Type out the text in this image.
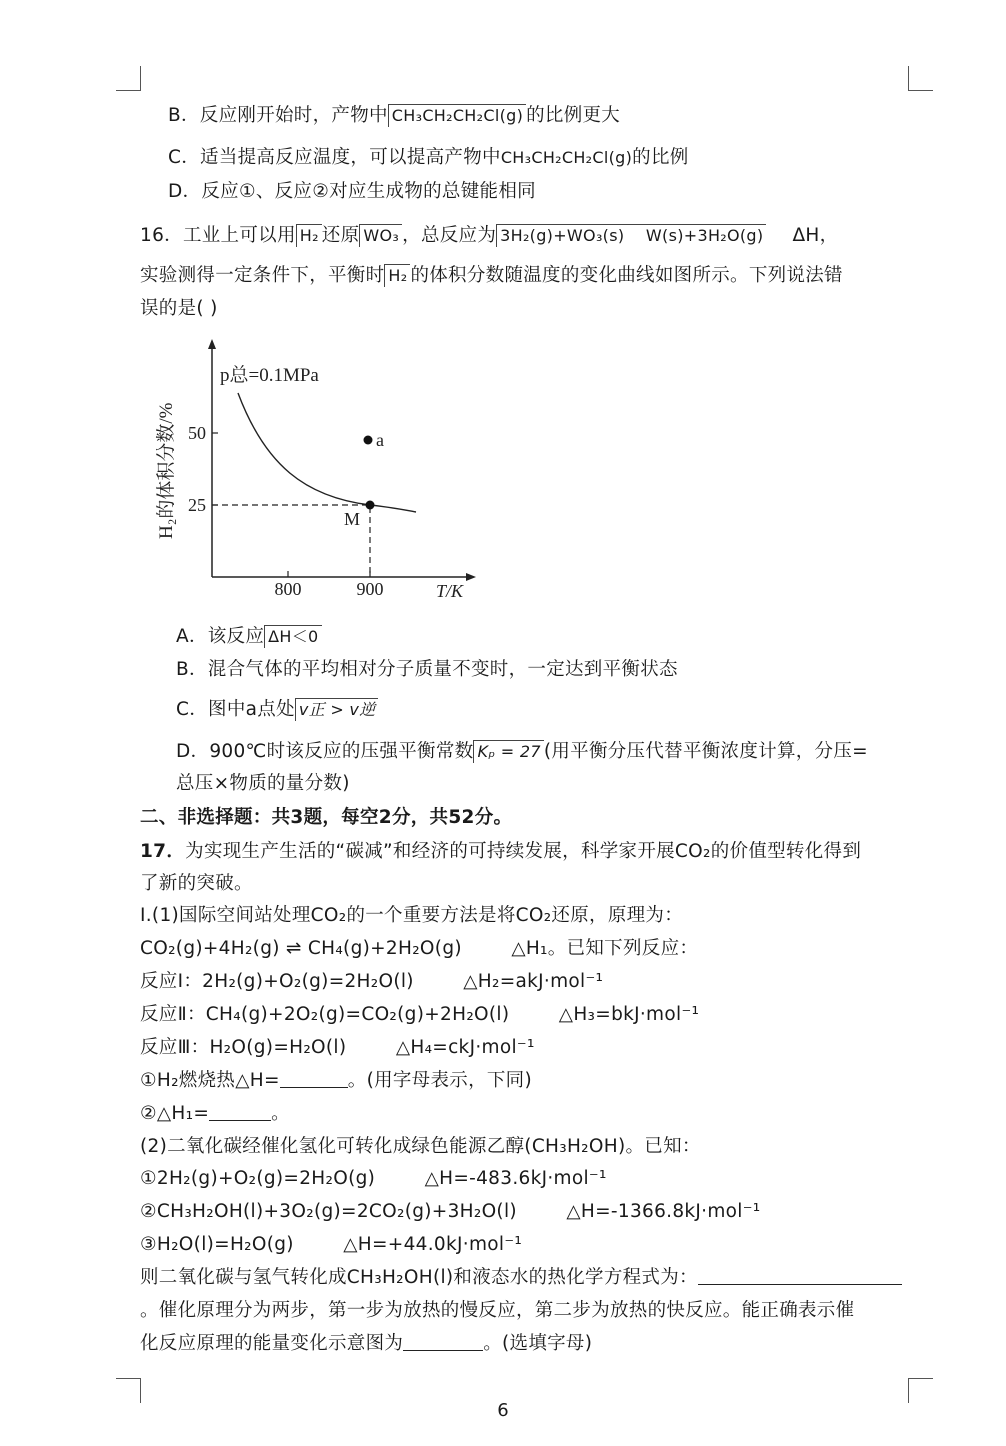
B．反应刚开始时，产物中 CH₃CH₂CH₂Cl(g) 的比例更大
C．适当提高反应温度，可以提高产物中CH₃CH₂CH₂Cl(g)的比例
D．反应①、反应②对应生成物的总键能相同
16．工业上可以用 H₂ 还原 WO₃ ，总反应为 3H₂(g)+WO₃(s)    W(s)+3H₂O(g) ΔH，
实验测得一定条件下，平衡时 H₂ 的体积分数随温度的变化曲线如图所示。下列说法错
误的是( )
a
M
p总=0.1MPa
50
25
800	900	T/K
H₂的体积分数/%
A．该反应 ΔH＜0
B．混合气体的平均相对分子质量不变时，一定达到平衡状态
C．图中a点处 v正 > v逆
D．900℃时该反应的压强平衡常数 Kₚ = 27 (用平衡分压代替平衡浓度计算，分压=
总压×物质的量分数)
二、非选择题：共3题，每空2分，共52分。
17．为实现生产生活的“碳减”和经济的可持续发展，科学家开展CO₂的价值型转化得到
了新的突破。
Ⅰ.(1)国际空间站处理CO₂的一个重要方法是将CO₂还原，原理为：
CO₂(g)+4H₂(g) ⇌ CH₄(g)+2H₂O(g)        △H₁。已知下列反应：
反应Ⅰ：2H₂(g)+O₂(g)=2H₂O(l)        △H₂=akJ·mol⁻¹
反应Ⅱ：CH₄(g)+2O₂(g)=CO₂(g)+2H₂O(l)        △H₃=bkJ·mol⁻¹
反应Ⅲ：H₂O(g)=H₂O(l)        △H₄=ckJ·mol⁻¹
①H₂燃烧热△H=	。(用字母表示，下同)
②△H₁=	。
(2)二氧化碳经催化氢化可转化成绿色能源乙醇(CH₃H₂OH)。已知：
①2H₂(g)+O₂(g)=2H₂O(g)        △H=-483.6kJ·mol⁻¹
②CH₃H₂OH(l)+3O₂(g)=2CO₂(g)+3H₂O(l)        △H=-1366.8kJ·mol⁻¹
③H₂O(l)=H₂O(g)        △H=+44.0kJ·mol⁻¹
则二氧化碳与氢气转化成CH₃H₂OH(l)和液态水的热化学方程式为：
。催化原理分为两步，第一步为放热的慢反应，第二步为放热的快反应。能正确表示催
化反应原理的能量变化示意图为	。(选填字母)
6
